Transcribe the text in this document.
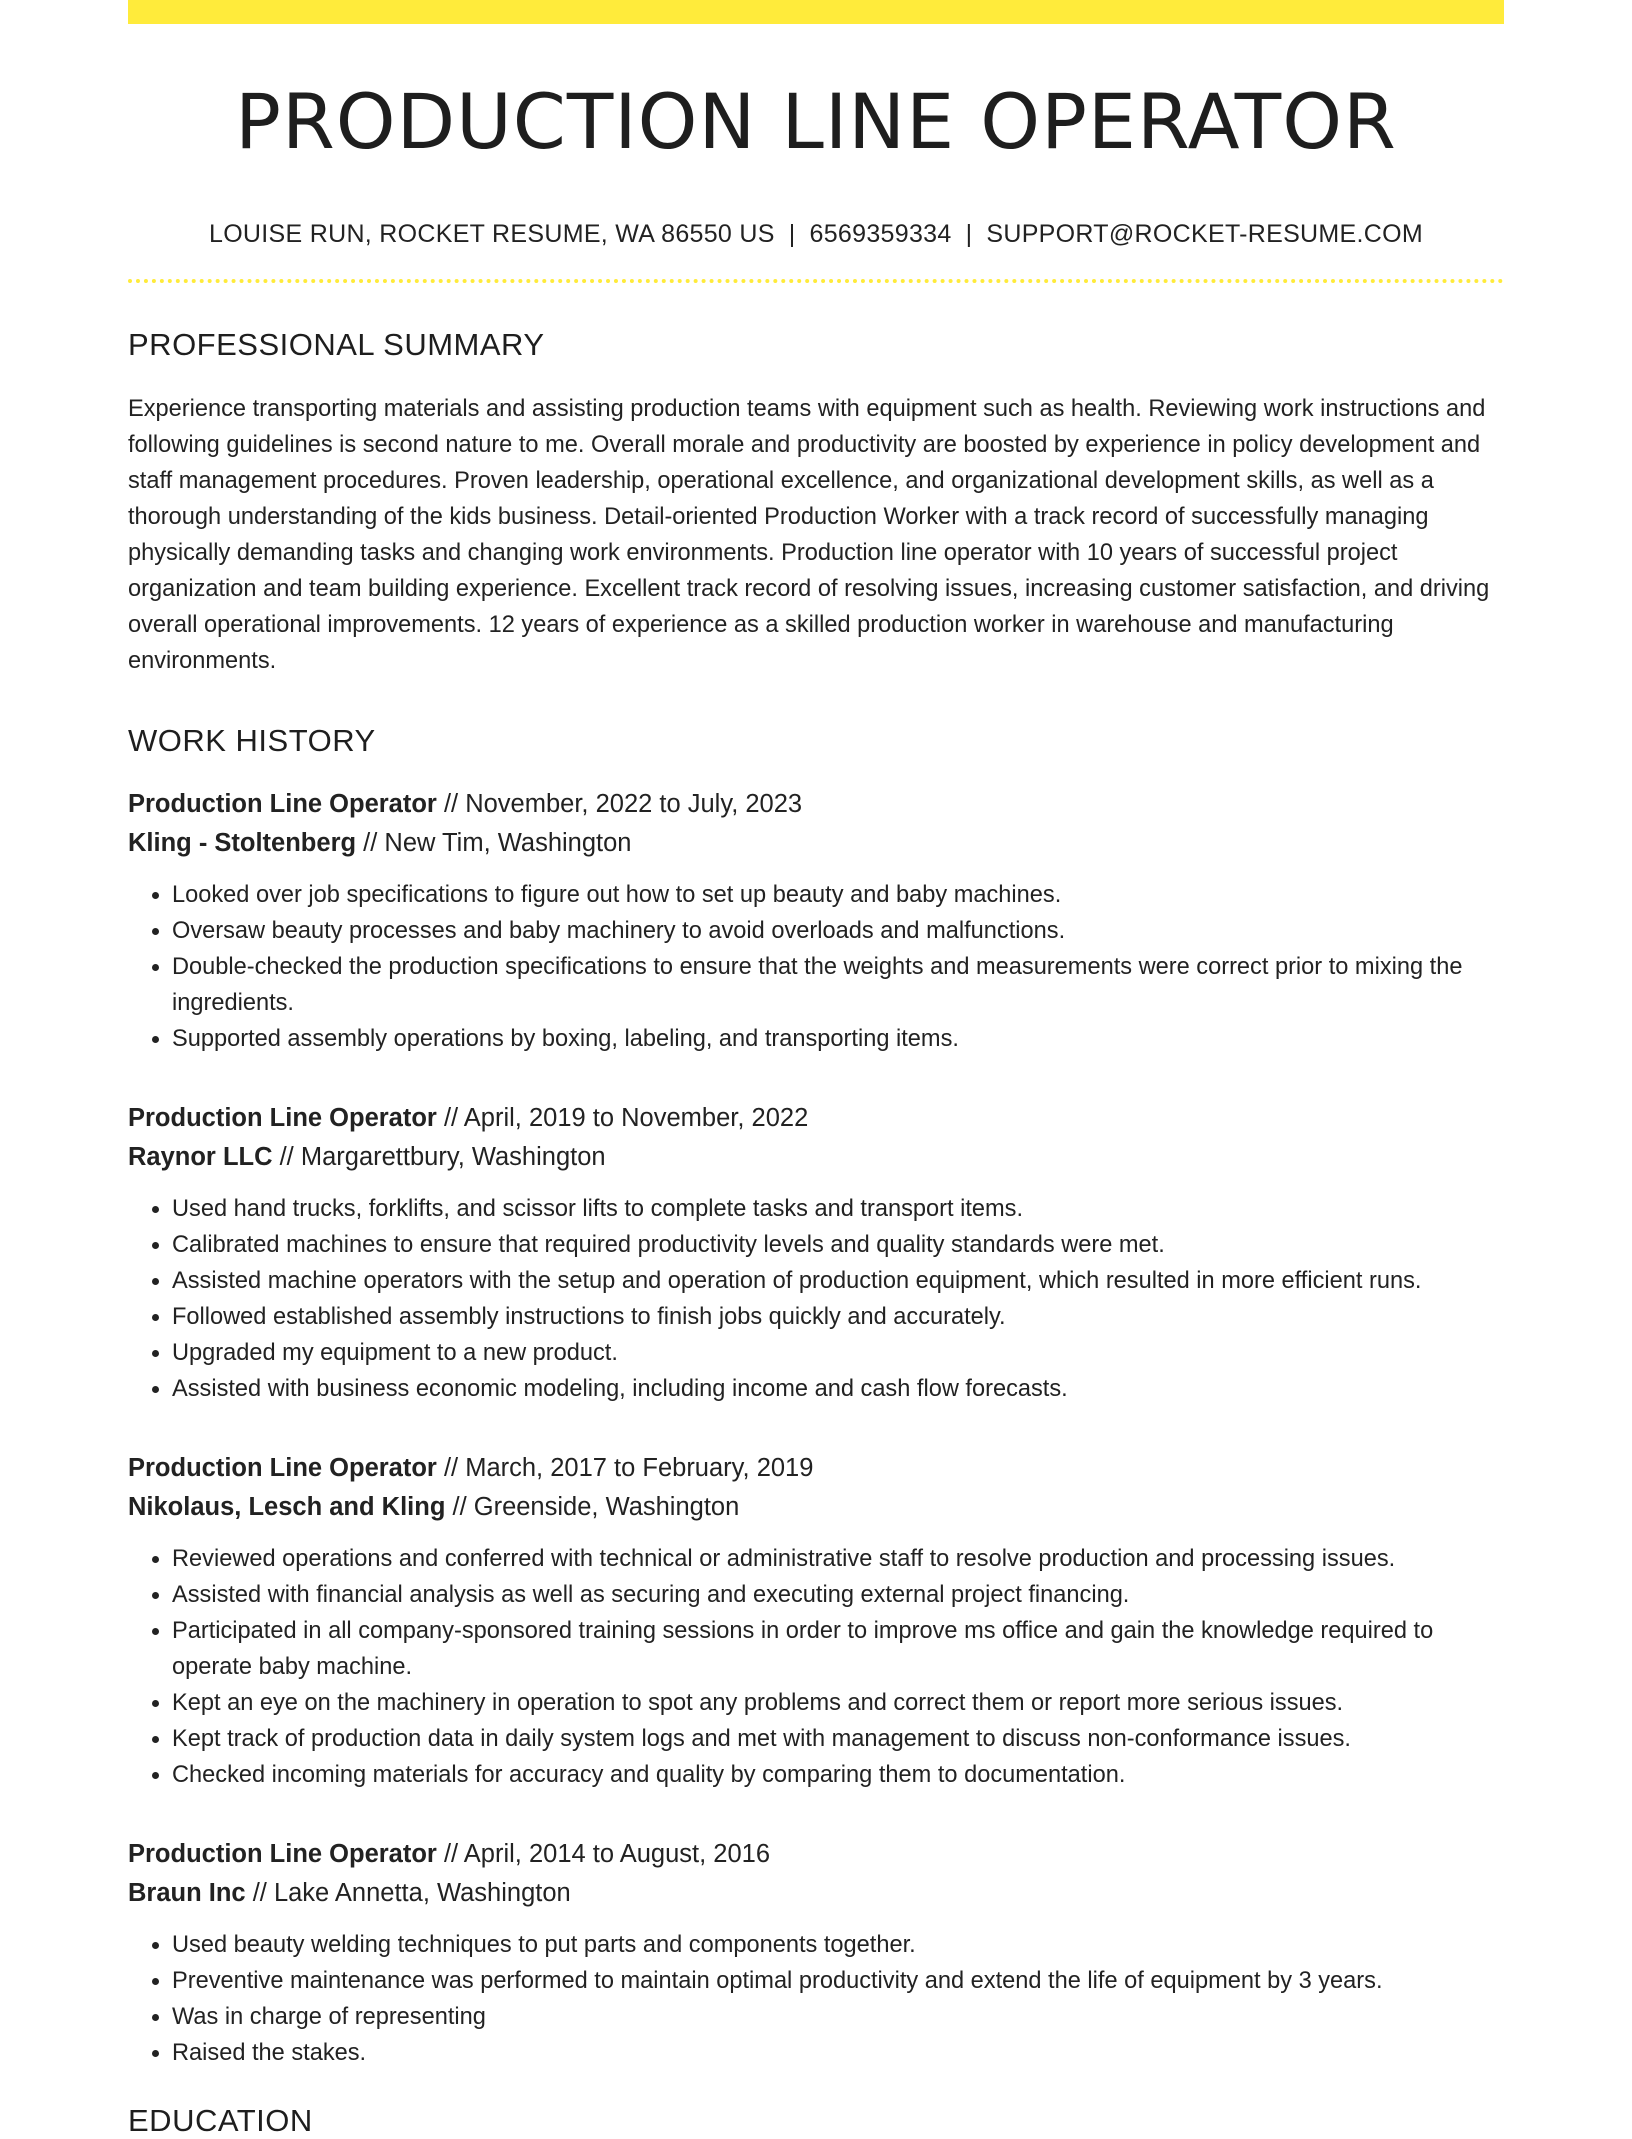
PRODUCTION LINE OPERATOR
LOUISE RUN, ROCKET RESUME, WA 86550 US | 6569359334 | SUPPORT@ROCKET-RESUME.COM
PROFESSIONAL SUMMARY

Experience transporting materials and assisting production teams with equipment such as health. Reviewing work instructions and following guidelines is second nature to me. Overall morale and productivity are boosted by experience in policy development and staff management procedures. Proven leadership, operational excellence, and organizational development skills, as well as a thorough understanding of the kids business. Detail-oriented Production Worker with a track record of successfully managing physically demanding tasks and changing work environments. Production line operator with 10 years of successful project organization and team building experience. Excellent track record of resolving issues, increasing customer satisfaction, and driving overall operational improvements. 12 years of experience as a skilled production worker in warehouse and manufacturing environments.

WORK HISTORY
Production Line Operator // November, 2022 to July, 2023
Kling - Stoltenberg // New Tim, Washington
• Looked over job specifications to figure out how to set up beauty and baby machines.
• Oversaw beauty processes and baby machinery to avoid overloads and malfunctions.
• Double-checked the production specifications to ensure that the weights and measurements were correct prior to mixing the ingredients.
• Supported assembly operations by boxing, labeling, and transporting items.
Production Line Operator // April, 2019 to November, 2022
Raynor LLC // Margarettbury, Washington
• Used hand trucks, forklifts, and scissor lifts to complete tasks and transport items.
• Calibrated machines to ensure that required productivity levels and quality standards were met.
• Assisted machine operators with the setup and operation of production equipment, which resulted in more efficient runs.
• Followed established assembly instructions to finish jobs quickly and accurately.
• Upgraded my equipment to a new product.
• Assisted with business economic modeling, including income and cash flow forecasts.
Production Line Operator // March, 2017 to February, 2019
Nikolaus, Lesch and Kling // Greenside, Washington
• Reviewed operations and conferred with technical or administrative staff to resolve production and processing issues.
• Assisted with financial analysis as well as securing and executing external project financing.
• Participated in all company-sponsored training sessions in order to improve ms office and gain the knowledge required to operate baby machine.
• Kept an eye on the machinery in operation to spot any problems and correct them or report more serious issues.
• Kept track of production data in daily system logs and met with management to discuss non-conformance issues.
• Checked incoming materials for accuracy and quality by comparing them to documentation.
Production Line Operator // April, 2014 to August, 2016
Braun Inc // Lake Annetta, Washington
• Used beauty welding techniques to put parts and components together.
• Preventive maintenance was performed to maintain optimal productivity and extend the life of equipment by 3 years.
• Was in charge of representing
• Raised the stakes.
EDUCATION
